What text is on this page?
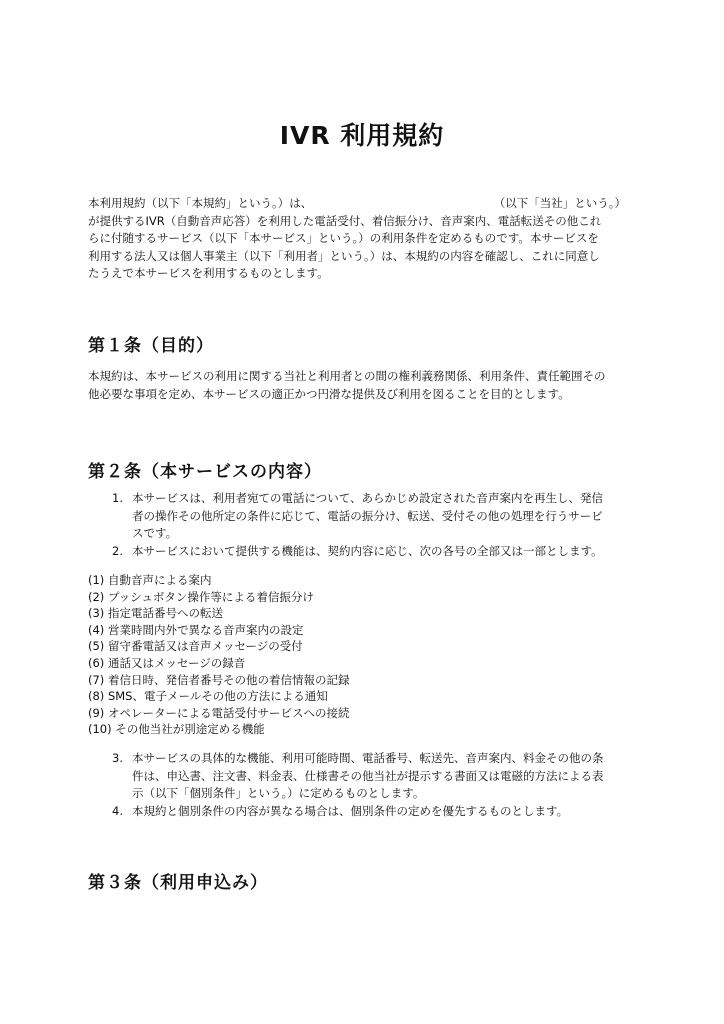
IVR 利用規約
本利用規約（以下「本規約」という。）は、	（以下「当社」という。）
が提供するIVR（自動音声応答）を利用した電話受付、着信振分け、音声案内、電話転送その他これ
らに付随するサービス（以下「本サービス」という。）の利用条件を定めるものです。本サービスを
利用する法人又は個人事業主（以下「利用者」という。）は、本規約の内容を確認し、これに同意し
たうえで本サービスを利用するものとします。
第１条（目的）
本規約は、本サービスの利用に関する当社と利用者との間の権利義務関係、利用条件、責任範囲その
他必要な事項を定め、本サービスの適正かつ円滑な提供及び利用を図ることを目的とします。
第２条（本サービスの内容）
1. 本サービスは、利用者宛ての電話について、あらかじめ設定された音声案内を再生し、発信
者の操作その他所定の条件に応じて、電話の振分け、転送、受付その他の処理を行うサービ
スです。
2. 本サービスにおいて提供する機能は、契約内容に応じ、次の各号の全部又は一部とします。
(1) 自動音声による案内
(2) プッシュボタン操作等による着信振分け
(3) 指定電話番号への転送
(4) 営業時間内外で異なる音声案内の設定
(5) 留守番電話又は音声メッセージの受付
(6) 通話又はメッセージの録音
(7) 着信日時、発信者番号その他の着信情報の記録
(8) SMS、電子メールその他の方法による通知
(9) オペレーターによる電話受付サービスへの接続
(10) その他当社が別途定める機能
3. 本サービスの具体的な機能、利用可能時間、電話番号、転送先、音声案内、料金その他の条
件は、申込書、注文書、料金表、仕様書その他当社が提示する書面又は電磁的方法による表
示（以下「個別条件」という。）に定めるものとします。
4. 本規約と個別条件の内容が異なる場合は、個別条件の定めを優先するものとします。
第３条（利用申込み）
